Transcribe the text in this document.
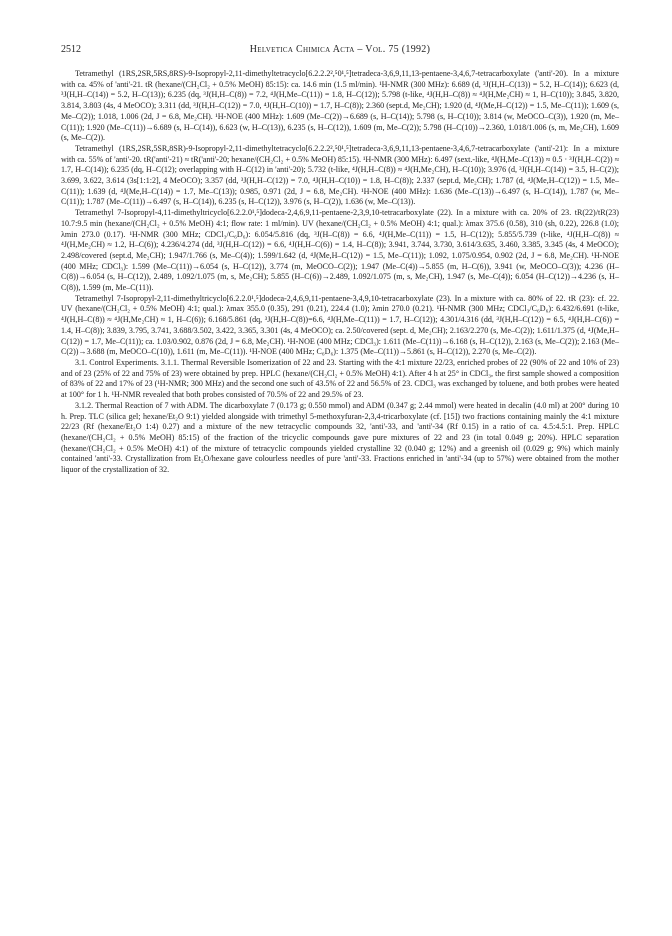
2512	Helvetica Chimica Acta – Vol. 75 (1992)

Tetramethyl (1RS,2SR,5RS,8RS)-9-Isopropyl-2,11-dimethyltetracyclo[6.2.2.2²,⁵0¹,⁵]tetradeca-3,6,9,11,13-pentaene-3,4,6,7-tetracarboxylate ('anti'-20). In a mixture with ca. 45% of 'anti'-21. tR (hexane/(CH₂Cl₂ + 0.5% MeOH) 85:15): ca. 14.6 min (1.5 ml/min). ¹H-NMR (300 MHz): 6.689 (d, ³J(H,H–C(13)) = 5.2, H–C(14)); 6.623 (d, ³J(H,H–C(14)) = 5.2, H–C(13)); 6.235 (dq, ³J(H,H–C(8)) = 7.2, ⁴J(H,Me–C(11)) = 1.8, H–C(12)); 5.798 (t-like, ⁴J(H,H–C(8)) ≈ ⁴J(H,Me₂CH) ≈ 1, H–C(10)); 3.845, 3.820, 3.814, 3.803 (4s, 4 MeOCO); 3.311 (dd, ³J(H,H–C(12)) = 7.0, ⁴J(H,H–C(10)) = 1.7, H–C(8)); 2.360 (sept.d, Me₂CH); 1.920 (d, ⁴J(Me,H–C(12)) = 1.5, Me–C(11)); 1.609 (s, Me–C(2)); 1.018, 1.006 (2d, J = 6.8, Me₂CH). ¹H-NOE (400 MHz): 1.609 (Me–C(2))→6.689 (s, H–C(14)); 5.798 (s, H–C(10)); 3.814 (w, MeOCO–C(3)), 1.920 (m, Me–C(11)); 1.920 (Me–C(11))→6.689 (s, H–C(14)), 6.623 (w, H–C(13)), 6.235 (s, H–C(12)), 1.609 (m, Me–C(2)); 5.798 (H–C(10))→2.360, 1.018/1.006 (s, m, Me₂CH), 1.609 (s, Me–C(2)).

Tetramethyl (1RS,2SR,5SR,8SR)-9-Isopropyl-2,11-dimethyltetracyclo[6.2.2.2²,⁵0¹,⁵]tetradeca-3,6,9,11,13-pentaene-3,4,6,7-tetracarboxylate ('anti'-21): In a mixture with ca. 55% of 'anti'-20. tR('anti'-21) ≈ tR('anti'-20; hexane/(CH₂Cl₂ + 0.5% MeOH) 85:15). ¹H-NMR (300 MHz): 6.497 (sext.-like, ⁴J(H,Me–C(13)) ≈ 0.5 · ³J(H,H–C(2)) ≈ 1.7, H–C(14)); 6.235 (dq, H–C(12); overlapping with H–C(12) in 'anti'-20); 5.732 (t-like, ⁴J(H,H–C(8)) ≈ ⁴J(H,Me₂CH), H–C(10)); 3.976 (d, ³J(H,H–C(14)) = 3.5, H–C(2)); 3.699, 3.622, 3.614 (3s[1:1:2], 4 MeOCO); 3.357 (dd, ³J(H,H–C(12)) = 7.0, ⁴J(H,H–C(10)) = 1.8, H–C(8)); 2.337 (sept.d, Me₂CH); 1.787 (d, ⁴J(Me,H–C(12)) = 1.5, Me–C(11)); 1.639 (d, ⁴J(Me,H–C(14)) = 1.7, Me–C(13)); 0.985, 0.971 (2d, J = 6.8, Me₂CH). ¹H-NOE (400 MHz): 1.636 (Me–C(13))→6.497 (s, H–C(14)), 1.787 (w, Me–C(11)); 1.787 (Me–C(11))→6.497 (s, H–C(14)), 6.235 (s, H–C(12)), 3.976 (s, H–C(2)), 1.636 (w, Me–C(13)).

Tetramethyl 7-Isopropyl-4,11-dimethyltricyclo[6.2.2.0¹,⁵]dodeca-2,4,6,9,11-pentaene-2,3,9,10-tetracarboxylate (22). In a mixture with ca. 20% of 23. tR(22)/tR(23) 10.7:9.5 min (hexane/(CH₂Cl₂ + 0.5% MeOH) 4:1; flow rate: 1 ml/min). UV (hexane/(CH₂Cl₂ + 0.5% MeOH) 4:1; qual.): λmax 375.6 (0.58), 310 (sh, 0.22), 226.8 (1.0); λmin 273.0 (0.17). ¹H-NMR (300 MHz; CDCl₃/C₆D₆): 6.054/5.816 (dq, ³J(H–C(8)) = 6.6, ⁴J(H,Me–C(11)) = 1.5, H–C(12)); 5.855/5.739 (t-like, ⁴J(H,H–C(8)) ≈ ⁴J(H,Me₂CH) ≈ 1.2, H–C(6)); 4.236/4.274 (dd, ³J(H,H–C(12)) = 6.6, ⁴J(H,H–C(6)) = 1.4, H–C(8)); 3.941, 3.744, 3.730, 3.614/3.635, 3.460, 3.385, 3.345 (4s, 4 MeOCO); 2.498/covered (sept.d, Me₂CH); 1.947/1.766 (s, Me–C(4)); 1.599/1.642 (d, ⁴J(Me,H–C(12)) = 1.5, Me–C(11)); 1.092, 1.075/0.954, 0.902 (2d, J = 6.8, Me₂CH). ¹H-NOE (400 MHz; CDCl₃): 1.599 (Me–C(11))→6.054 (s, H–C(12)), 3.774 (m, MeOCO–C(2)); 1.947 (Me–C(4))→5.855 (m, H–C(6)), 3.941 (w, MeOCO–C(3)); 4.236 (H–C(8))→6.054 (s, H–C(12)), 2.489, 1.092/1.075 (m, s, Me₂CH); 5.855 (H–C(6))→2.489, 1.092/1.075 (m, s, Me₂CH), 1.947 (s, Me–C(4)); 6.054 (H–C(12))→4.236 (s, H–C(8)), 1.599 (m, Me–C(11)).

Tetramethyl 7-Isopropyl-2,11-dimethyltricyclo[6.2.2.0¹,⁵]dodeca-2,4,6,9,11-pentaene-3,4,9,10-tetracarboxylate (23). In a mixture with ca. 80% of 22. tR (23): cf. 22. UV (hexane/(CH₂Cl₂ + 0.5% MeOH) 4:1; qual.): λmax 355.0 (0.35), 291 (0.21), 224.4 (1.0); λmin 270.0 (0.21). ¹H-NMR (300 MHz; CDCl₃/C₆D₆): 6.432/6.691 (t-like, ⁴J(H,H–C(8)) ≈ ⁴J(H,Me₂CH) ≈ 1, H–C(6)); 6.168/5.861 (dq, ³J(H,H–C(8))=6.6, ⁴J(H,Me–C(11)) = 1.7, H–C(12)); 4.301/4.316 (dd, ³J(H,H–C(12)) = 6.5, ⁴J(H,H–C(6)) = 1.4, H–C(8)); 3.839, 3.795, 3.741, 3.688/3.502, 3.422, 3.365, 3.301 (4s, 4 MeOCO); ca. 2.50/covered (sept. d, Me₂CH); 2.163/2.270 (s, Me–C(2)); 1.611/1.375 (d, ⁴J(Me,H–C(12)) = 1.7, Me–C(11)); ca. 1.03/0.902, 0.876 (2d, J = 6.8, Me₂CH). ¹H-NOE (400 MHz; CDCl₃): 1.611 (Me–C(11))→6.168 (s, H–C(12)), 2.163 (s, Me–C(2)); 2.163 (Me–C(2))→3.688 (m, MeOCO–C(10)), 1.611 (m, Me–C(11)). ¹H-NOE (400 MHz; C₆D₆): 1.375 (Me–C(11))→5.861 (s, H–C(12)), 2.270 (s, Me–C(2)).

3.1. Control Experiments. 3.1.1. Thermal Reversible Isomerization of 22 and 23. Starting with the 4:1 mixture 22/23, enriched probes of 22 (90% of 22 and 10% of 23) and of 23 (25% of 22 and 75% of 23) were obtained by prep. HPLC (hexane/(CH₂Cl₂ + 0.5% MeOH) 4:1). After 4 h at 25° in CDCl₃, the first sample showed a composition of 83% of 22 and 17% of 23 (¹H-NMR; 300 MHz) and the second one such of 43.5% of 22 and 56.5% of 23. CDCl₃ was exchanged by toluene, and both probes were heated at 100° for 1 h. ¹H-NMR revealed that both probes consisted of 70.5% of 22 and 29.5% of 23.

3.1.2. Thermal Reaction of 7 with ADM. The dicarboxylate 7 (0.173 g; 0.550 mmol) and ADM (0.347 g; 2.44 mmol) were heated in decalin (4.0 ml) at 200° during 10 h. Prep. TLC (silica gel; hexane/Et₂O 9:1) yielded alongside with trimethyl 5-methoxyfuran-2,3,4-tricarboxylate (cf. [15]) two fractions containing mainly the 4:1 mixture 22/23 (Rf (hexane/Et₂O 1:4) 0.27) and a mixture of the new tetracyclic compounds 32, 'anti'-33, and 'anti'-34 (Rf 0.15) in a ratio of ca. 4.5:4.5:1. Prep. HPLC (hexane/(CH₂Cl₂ + 0.5% MeOH) 85:15) of the fraction of the tricyclic compounds gave pure mixtures of 22 and 23 (in total 0.049 g; 20%). HPLC separation (hexane/(CH₂Cl₂ + 0.5% MeOH) 4:1) of the mixture of tetracyclic compounds yielded crystalline 32 (0.040 g; 12%) and a greenish oil (0.029 g; 9%) which mainly contained 'anti'-33. Crystallization from Et₂O/hexane gave colourless needles of pure 'anti'-33. Fractions enriched in 'anti'-34 (up to 57%) were obtained from the mother liquor of the crystallization of 32.
